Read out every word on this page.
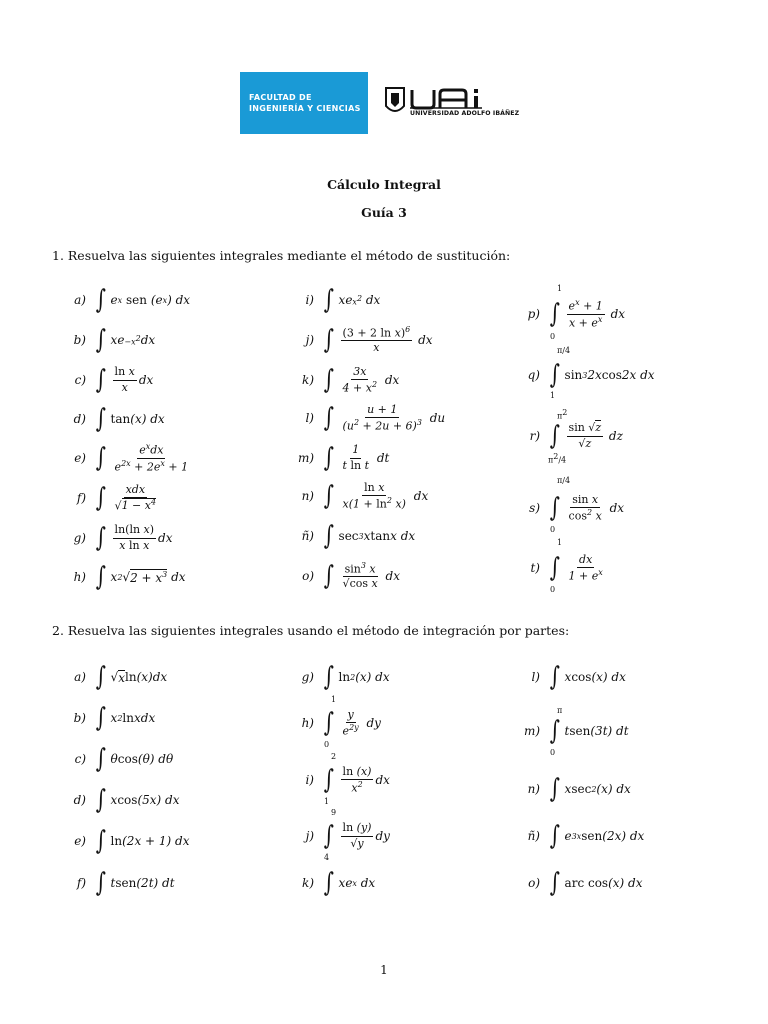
FACULTAD DE
INGENIERÍA Y CIENCIAS
UNIVERSIDAD ADOLFO IBÁÑEZ
Cálculo Integral
Guía 3
1. Resuelva las siguientes integrales mediante el método de sustitución:
a) ∫ e x
sen (e x ) dx
b) ∫ xe $-x^2$ dx
c) ∫ $\frac{\text{ln x}}{x}$ dx
d) ∫ tan (x) dx
e) ∫ $\frac{e^xdx}{e^{2x} + 2e^x + 1}$
f) ∫ $\frac{\text{xdx}}{√1 - x^4}$
g) ∫ $\frac{\text{ln(ln x)}}{\text{x ln x}}$ dx
h) ∫ x 2 √ $2 + x^3$ dx
i) ∫ xe $x^2$ dx
j) ∫ $\frac{(3 + 2 \ln x)^6}{x}$ dx
k) ∫ $\frac{3x}{4 + x^2}$ dx
l) ∫ $\frac{u + 1}{(u^2 + 2u + 6)^3}$ du
m) ∫ $\frac{1}{\text{t ln t}}$ dt
n) ∫ $\frac{\text{ln x}}{x(1 + \ln^2 x)}$ dx
ñ) ∫ sec 3 x tan x dx
o) ∫ $\frac{\sin^3 x}{\text{√cos x}}$ dx
p)
1
0
∫ $\frac{e^x + 1}{x + e^x}$ dx
q)
π/4
1
∫ sin 3 2x cos 2x dx
r)
$\pi^2$
$\pi^2/4$
∫ $\frac{\sin √z}{√z}$ dz
s)
π/4
0
∫ $\frac{\text{sin x}}{\cos^2 x}$ dx
t)
1
0
∫ $\frac{dx}{1 + e^x}$
2. Resuelva las siguientes integrales usando el método de integración por partes:
a) ∫ √ x ln (x)dx
b) ∫ x 2 ln xdx
c) ∫ θ cos (θ) dθ
d) ∫ x cos (5x) dx
e) ∫ ln (2x + 1) dx
f) ∫ t sen (2t) dt
g) ∫ ln 2 (x) dx
h)
1
0
∫ $\frac{y}{e^{2y}}$ dy
i)
2
1
∫ $\frac{\ln (x)}{x^2}$ dx
j)
9
4
∫ $\frac{\ln (y)}{√y}$ dy
k) ∫ xe x dx
l) ∫ x cos (x) dx
m)
π
0
∫ t sen (3t) dt
n) ∫ x sec 2 (x) dx
ñ) ∫ e 3x sen (2x) dx
o) ∫ arc cos (x) dx
1
